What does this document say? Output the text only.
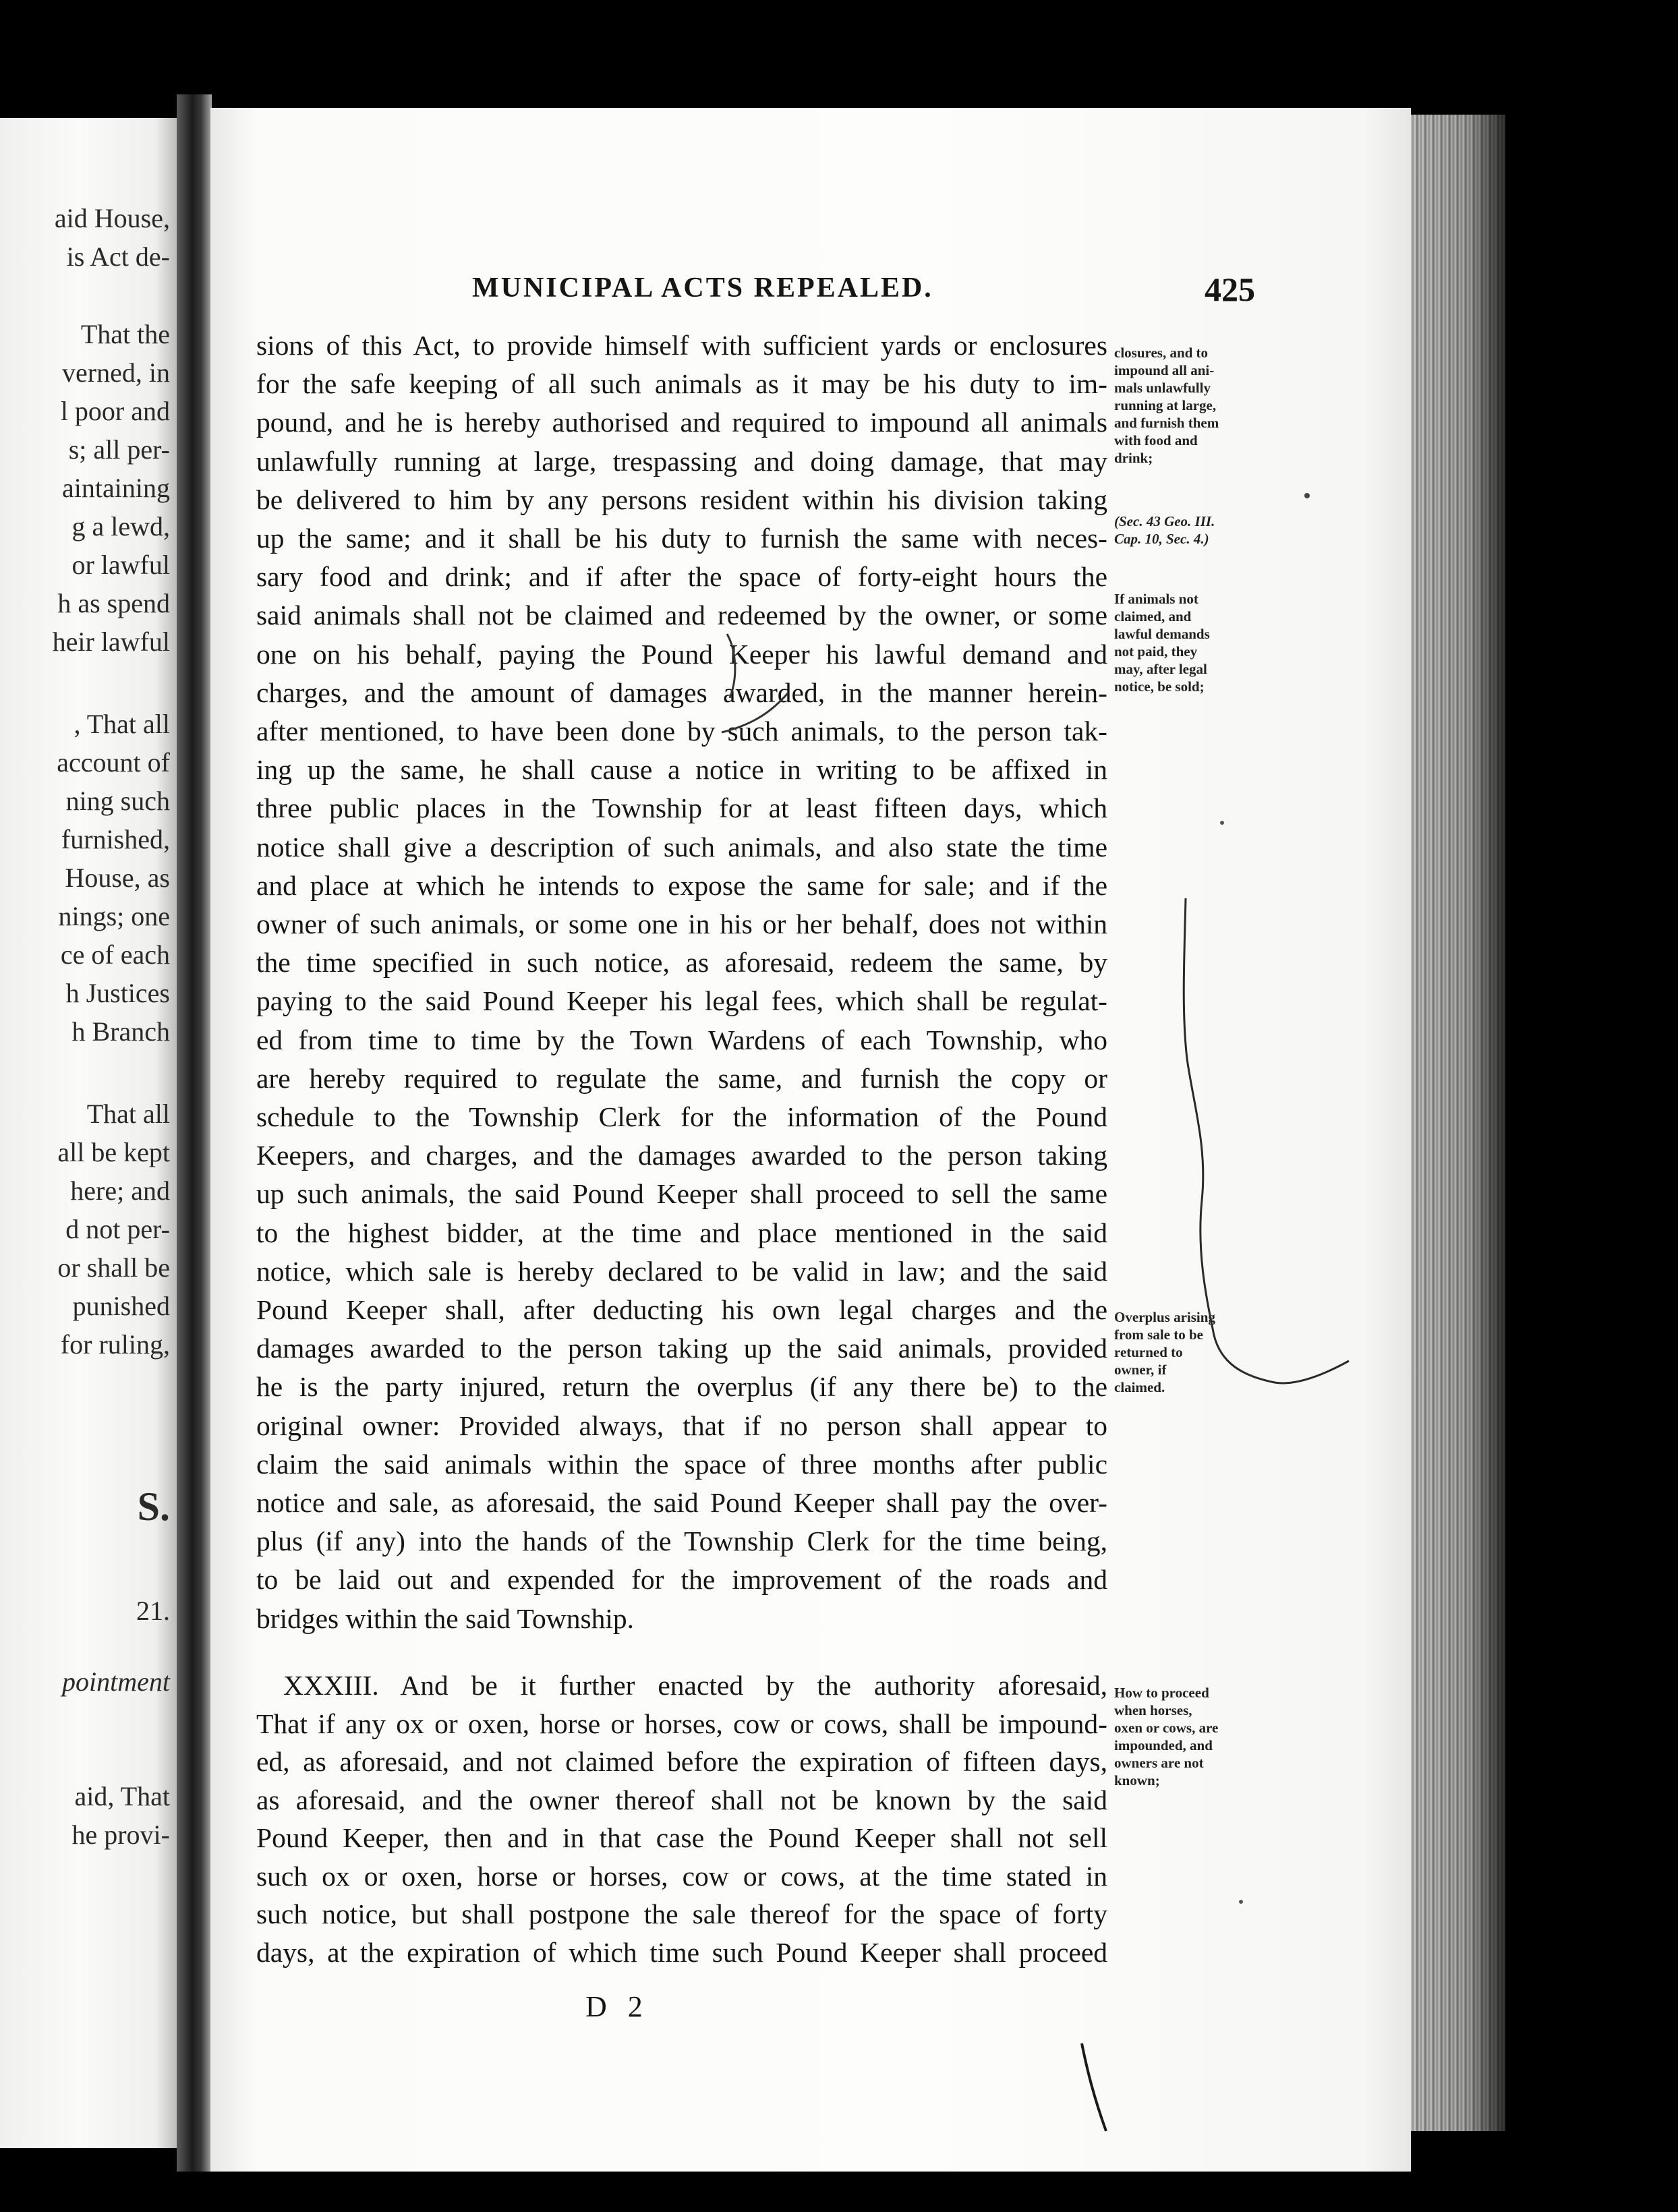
aid House,
is Act de-
That the
verned, in
l poor and
s; all per-
aintaining
g a lewd,
or lawful
h as spend
heir lawful
, That all
account of
ning such
furnished,
House, as
nings; one
ce of each
h Justices
h Branch
That all
all be kept
here; and
d not per-
or shall be
punished
for ruling,
S.
21.
pointment
aid, That
he provi-
MUNICIPAL ACTS REPEALED.	425
sions of this Act, to provide himself with sufficient yards or enclosures
for the safe keeping of all such animals as it may be his duty to im-
pound, and he is hereby authorised and required to impound all animals
unlawfully running at large, trespassing and doing damage, that may
be delivered to him by any persons resident within his division taking
up the same; and it shall be his duty to furnish the same with neces-
sary food and drink; and if after the space of forty-eight hours the
said animals shall not be claimed and redeemed by the owner, or some
one on his behalf, paying the Pound Keeper his lawful demand and
charges, and the amount of damages awarded, in the manner herein-
after mentioned, to have been done by such animals, to the person tak-
ing up the same, he shall cause a notice in writing to be affixed in
three public places in the Township for at least fifteen days, which
notice shall give a description of such animals, and also state the time
and place at which he intends to expose the same for sale; and if the
owner of such animals, or some one in his or her behalf, does not within
the time specified in such notice, as aforesaid, redeem the same, by
paying to the said Pound Keeper his legal fees, which shall be regulat-
ed from time to time by the Town Wardens of each Township, who
are hereby required to regulate the same, and furnish the copy or
schedule to the Township Clerk for the information of the Pound
Keepers, and charges, and the damages awarded to the person taking
up such animals, the said Pound Keeper shall proceed to sell the same
to the highest bidder, at the time and place mentioned in the said
notice, which sale is hereby declared to be valid in law; and the said
Pound Keeper shall, after deducting his own legal charges and the
damages awarded to the person taking up the said animals, provided
he is the party injured, return the overplus (if any there be) to the
original owner: Provided always, that if no person shall appear to
claim the said animals within the space of three months after public
notice and sale, as aforesaid, the said Pound Keeper shall pay the over-
plus (if any) into the hands of the Township Clerk for the time being,
to be laid out and expended for the improvement of the roads and
bridges within the said Township.
XXXIII. And be it further enacted by the authority aforesaid,
That if any ox or oxen, horse or horses, cow or cows, shall be impound-
ed, as aforesaid, and not claimed before the expiration of fifteen days,
as aforesaid, and the owner thereof shall not be known by the said
Pound Keeper, then and in that case the Pound Keeper shall not sell
such ox or oxen, horse or horses, cow or cows, at the time stated in
such notice, but shall postpone the sale thereof for the space of forty
days, at the expiration of which time such Pound Keeper shall proceed
closures, and to
impound all ani-
mals unlawfully
running at large,
and furnish them
with food and
drink;
(Sec. 43 Geo. III.
Cap. 10, Sec. 4.)
If animals not
claimed, and
lawful demands
not paid, they
may, after legal
notice, be sold;
Overplus arising
from sale to be
returned to
owner, if
claimed.
How to proceed
when horses,
oxen or cows, are
impounded, and
owners are not
known;
D 2
